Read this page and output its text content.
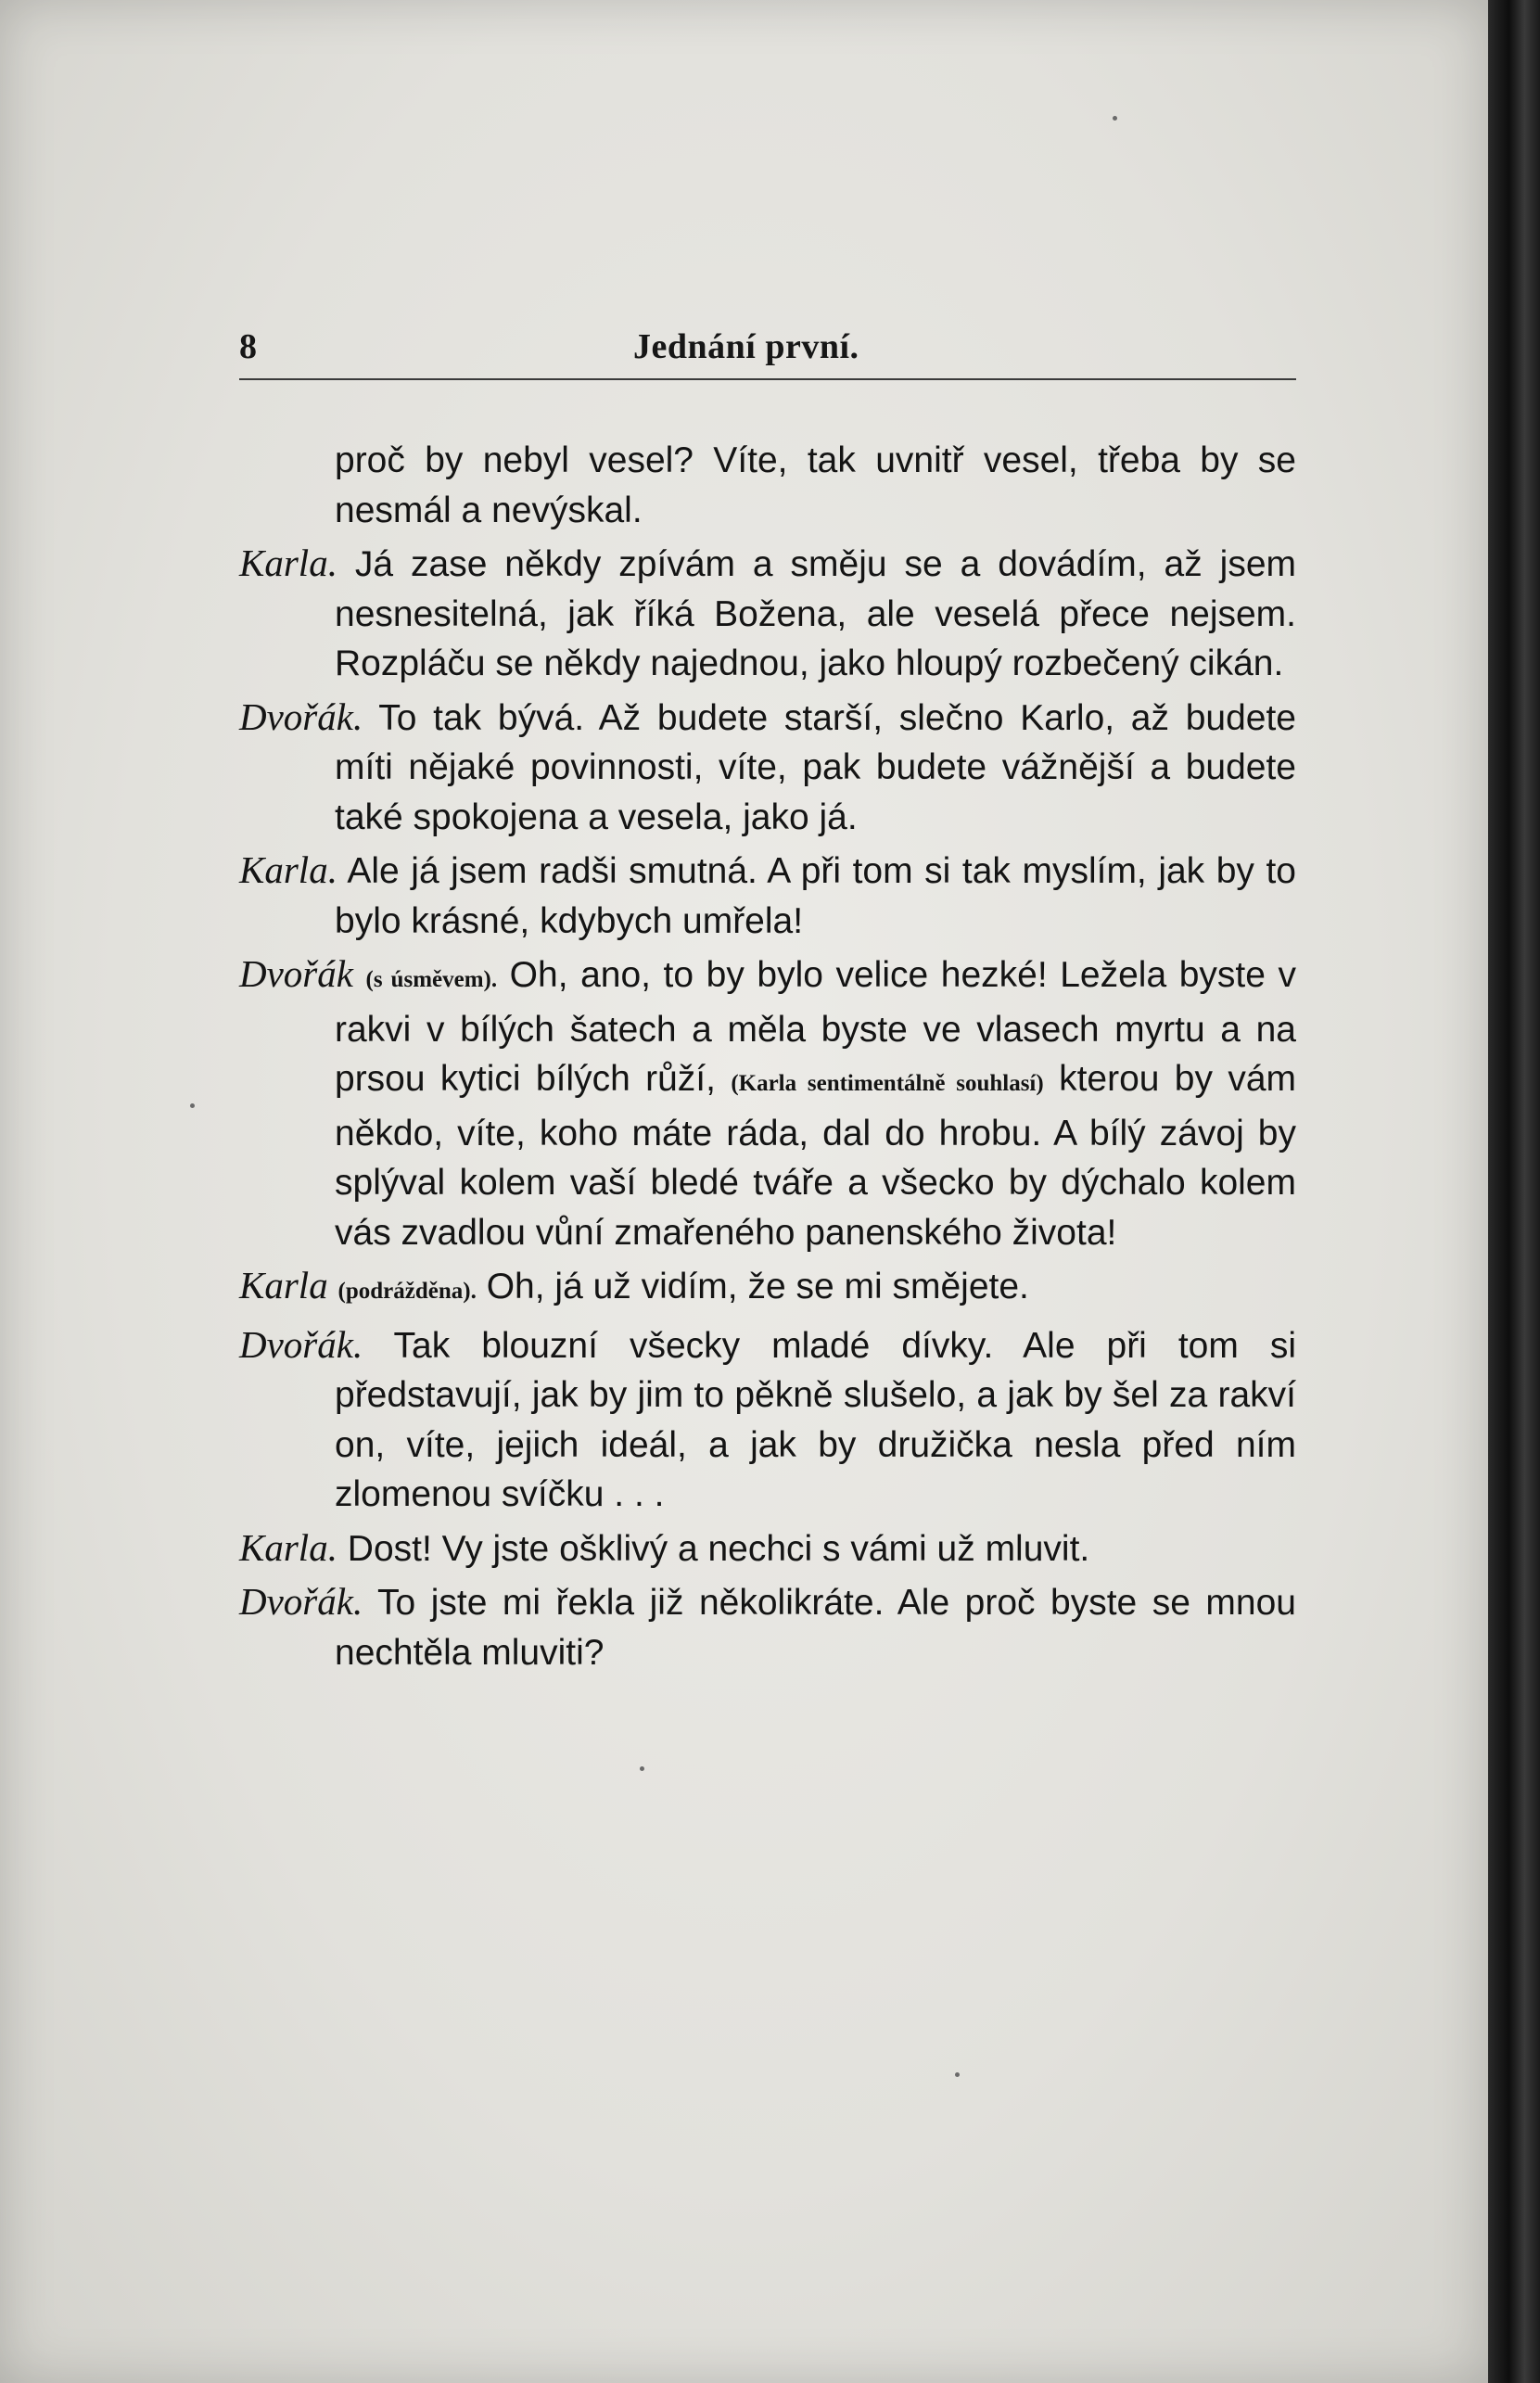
8	Jednání první.

proč by nebyl vesel? Víte, tak uvnitř vesel, třeba by se nesmál a nevýskal.

Karla. Já zase někdy zpívám a směju se a dovádím, až jsem nesnesitelná, jak říká Božena, ale veselá přece nejsem. Rozpláču se někdy najednou, jako hloupý rozbečený cikán.

Dvořák. To tak bývá. Až budete starší, slečno Karlo, až budete míti nějaké povinnosti, víte, pak budete vážnější a budete také spokojena a vesela, jako já.

Karla. Ale já jsem radši smutná. A při tom si tak myslím, jak by to bylo krásné, kdybych umřela!

Dvořák (s úsměvem). Oh, ano, to by bylo velice hezké! Ležela byste v rakvi v bílých šatech a měla byste ve vlasech myrtu a na prsou kytici bílých růží, (Karla sentimentálně souhlasí) kterou by vám někdo, víte, koho máte ráda, dal do hrobu. A bílý závoj by splýval kolem vaší bledé tváře a všecko by dýchalo kolem vás zvadlou vůní zmařeného panenského života!

Karla (podrážděna). Oh, já už vidím, že se mi smějete.

Dvořák. Tak blouzní všecky mladé dívky. Ale při tom si představují, jak by jim to pěkně slušelo, a jak by šel za rakví on, víte, jejich ideál, a jak by družička nesla před ním zlomenou svíčku . . .

Karla. Dost! Vy jste ošklivý a nechci s vámi už mluvit.

Dvořák. To jste mi řekla již několikráte. Ale proč byste se mnou nechtěla mluviti?
